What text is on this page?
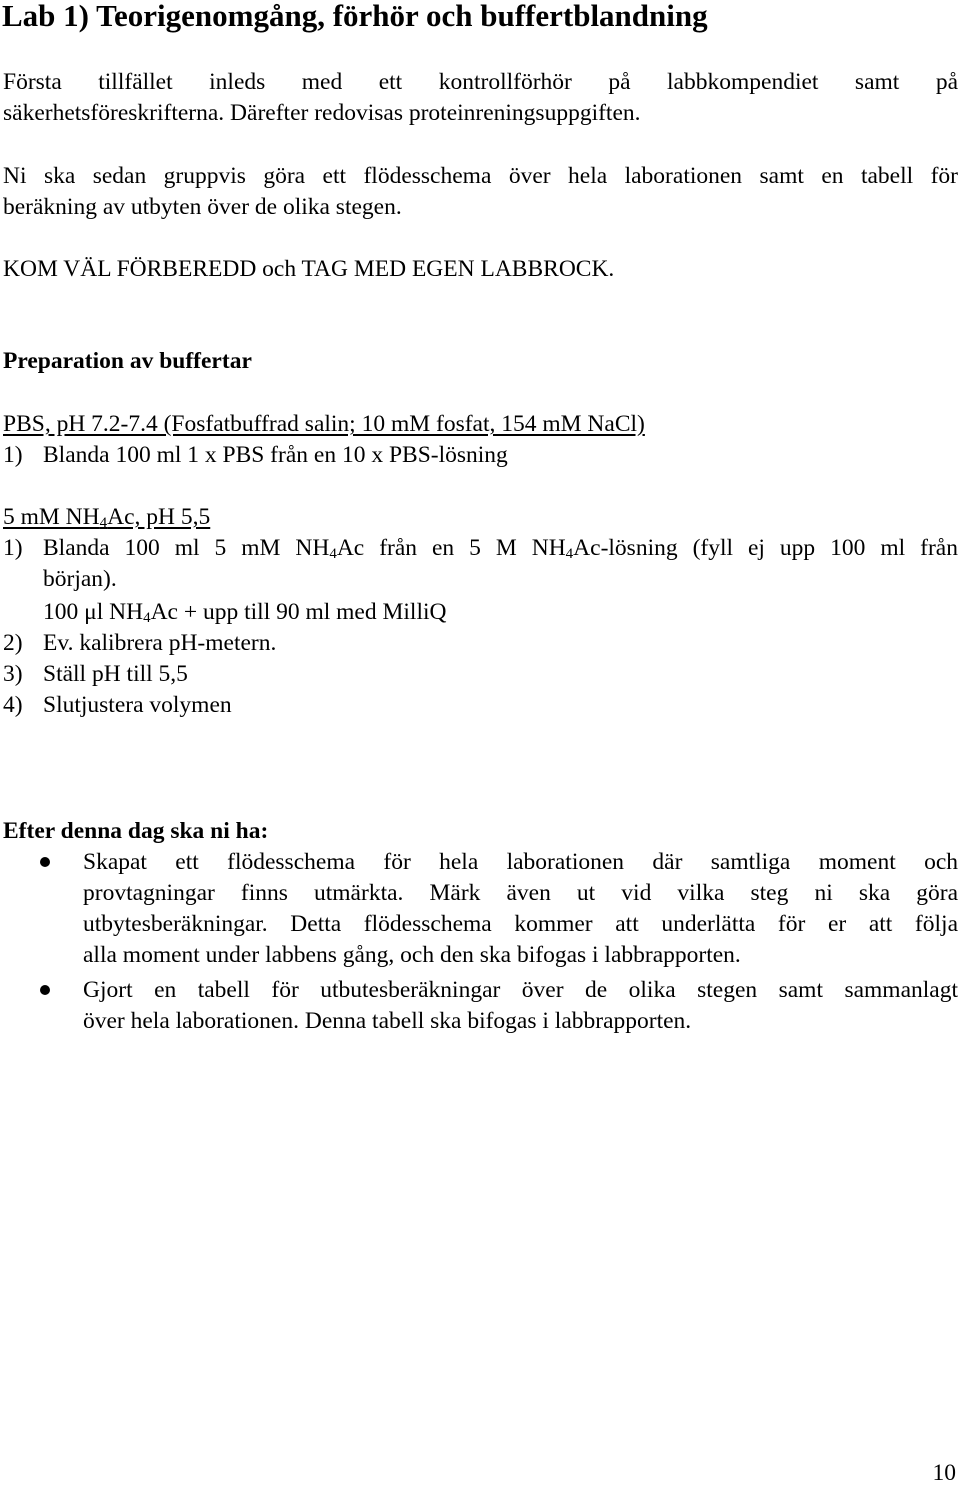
Lab 1) Teorigenomgång, förhör och buffertblandning
Första tillfället inleds med ett kontrollförhör på labbkompendiet samt på
säkerhetsföreskrifterna. Därefter redovisas proteinreningsuppgiften.
Ni ska sedan gruppvis göra ett flödesschema över hela laborationen samt en tabell för
beräkning av utbyten över de olika stegen.
KOM VÄL FÖRBEREDD och TAG MED EGEN LABBROCK.
Preparation av buffertar
PBS, pH 7.2-7.4 (Fosfatbuffrad salin; 10 mM fosfat, 154 mM NaCl)
1) Blanda 100 ml 1 x PBS från en 10 x PBS-lösning
5 mM $NH_4Ac$, pH 5,5
1) Blanda 100 ml 5 mM $NH_4Ac$ från en 5 M $NH_4Ac$-lösning (fyll ej upp 100 ml från
början).
100 μl $NH_4Ac$ + upp till 90 ml med MilliQ
2) Ev. kalibrera pH-metern.
3) Ställ pH till 5,5
4) Slutjustera volymen
Efter denna dag ska ni ha:
Skapat ett flödesschema för hela laborationen där samtliga moment och
provtagningar finns utmärkta. Märk även ut vid vilka steg ni ska göra
utbytesberäkningar. Detta flödesschema kommer att underlätta för er att följa
alla moment under labbens gång, och den ska bifogas i labbrapporten.
Gjort en tabell för utbutesberäkningar över de olika stegen samt sammanlagt
över hela laborationen. Denna tabell ska bifogas i labbrapporten.
10
